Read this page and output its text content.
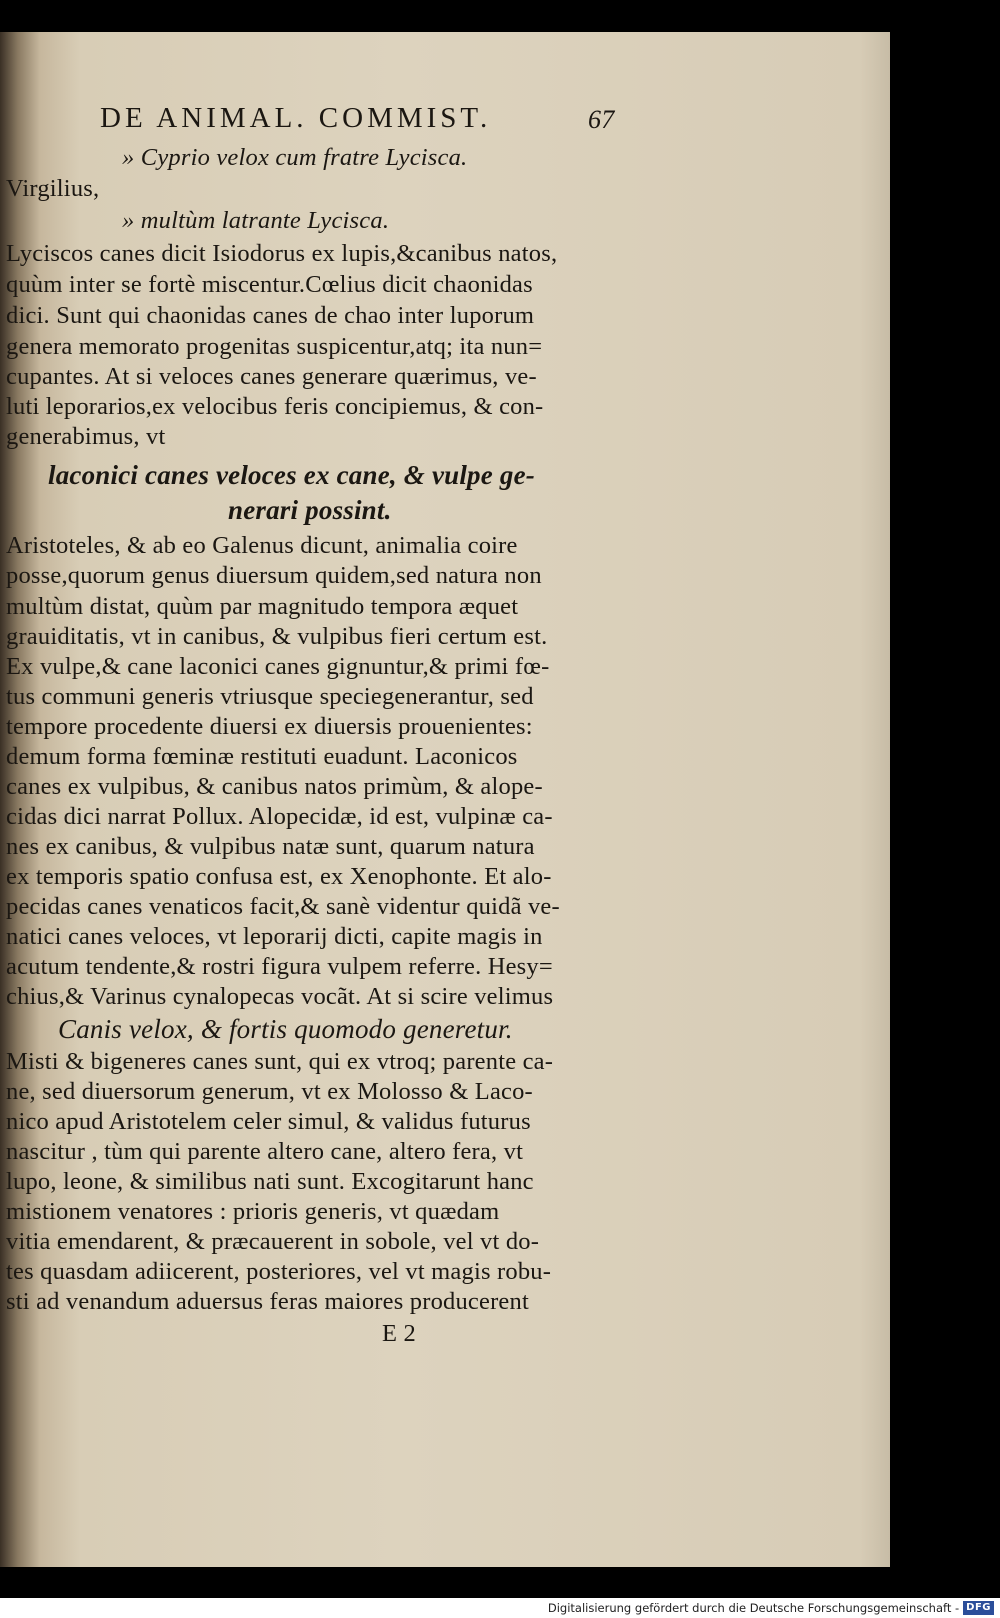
DE ANIMAL. COMMIST.	67
» Cyprio velox cum fratre Lycisca.
Virgilius,
» multùm latrante Lycisca.
Lyciscos canes dicit Isiodorus ex lupis,&canibus natos,
quùm inter se fortè miscentur.Cœlius dicit chaonidas
dici. Sunt qui chaonidas canes de chao inter luporum
genera memorato progenitas suspicentur,atq; ita nun=
cupantes. At si veloces canes generare quærimus, ve-
luti leporarios,ex velocibus feris concipiemus, & con-
generabimus, vt
laconici canes veloces ex cane, & vulpe ge-
nerari possint.
Aristoteles, & ab eo Galenus dicunt, animalia coire
posse,quorum genus diuersum quidem,sed natura non
multùm distat, quùm par magnitudo tempora æquet
grauiditatis, vt in canibus, & vulpibus fieri certum est.
Ex vulpe,& cane laconici canes gignuntur,& primi fœ-
tus communi generis vtriusque speciegenerantur, sed
tempore procedente diuersi ex diuersis prouenientes:
demum forma fœminæ restituti euadunt. Laconicos
canes ex vulpibus, & canibus natos primùm, & alope-
cidas dici narrat Pollux. Alopecidæ, id est, vulpinæ ca-
nes ex canibus, & vulpibus natæ sunt, quarum natura
ex temporis spatio confusa est, ex Xenophonte. Et alo-
pecidas canes venaticos facit,& sanè videntur quidã ve-
natici canes veloces, vt leporarij dicti, capite magis in
acutum tendente,& rostri figura vulpem referre. Hesy=
chius,& Varinus cynalopecas vocãt. At si scire velimus
Canis velox, & fortis quomodo generetur.
Misti & bigeneres canes sunt, qui ex vtroq; parente ca-
ne, sed diuersorum generum, vt ex Molosso & Laco-
nico apud Aristotelem celer simul, & validus futurus
nascitur , tùm qui parente altero cane, altero fera, vt
lupo, leone, & similibus nati sunt. Excogitarunt hanc
mistionem venatores : prioris generis, vt quædam
vitia emendarent, & præcauerent in sobole, vel vt do-
tes quasdam adiicerent, posteriores, vel vt magis robu-
sti ad venandum aduersus feras maiores producerent
E 2
Digitalisierung gefördert durch die Deutsche Forschungsgemeinschaft - DFG
